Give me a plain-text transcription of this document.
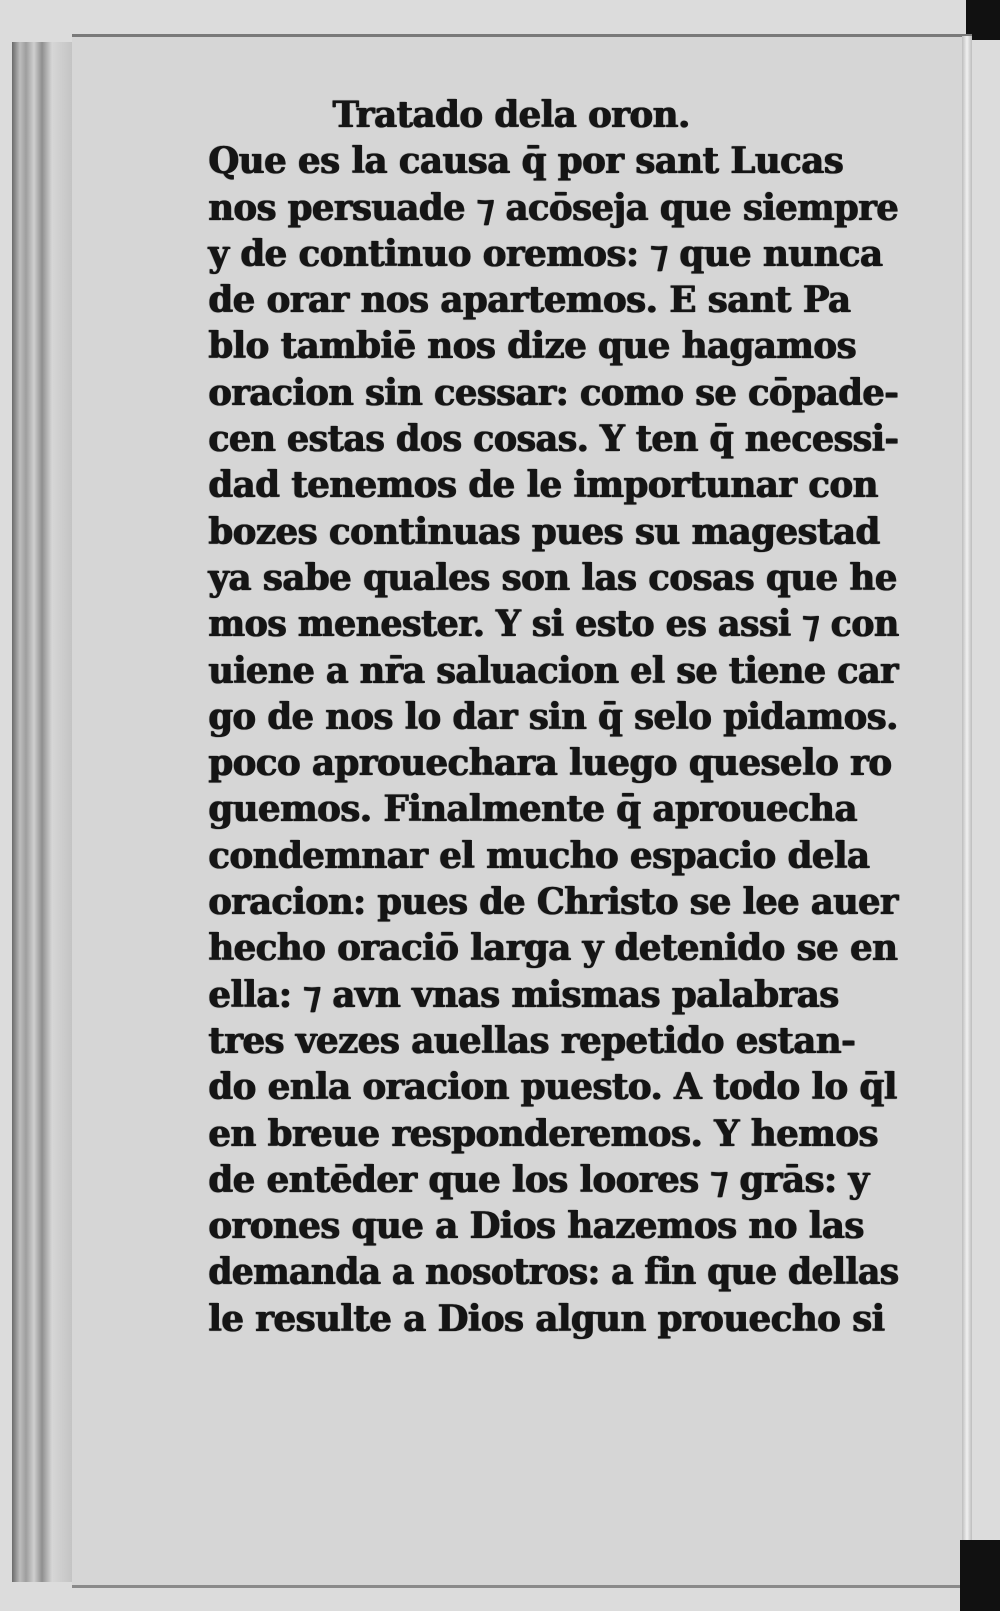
Tratado dela oron.
Que es la causa q̄ por sant Lucas
nos persuade ⁊ acōseja que siempre
y de continuo oremos: ⁊ que nunca
de orar nos apartemos. E sant Pa
blo tambiē nos dize que hagamos
oracion sin cessar: como se cōpade-
cen estas dos cosas. Y ten q̄ necessi-
dad tenemos de le importunar con
bozes continuas pues su magestad
ya sabe quales son las cosas que he
mos menester. Y si esto es assi ⁊ con
uiene a nr̄a saluacion el se tiene car
go de nos lo dar sin q̄ selo pidamos.
poco aprouechara luego queselo ro
guemos. Finalmente q̄ aprouecha
condemnar el mucho espacio dela
oracion: pues de Christo se lee auer
hecho oraciō larga y detenido se en
ella: ⁊ avn vnas mismas palabras
tres vezes auellas repetido estan-
do enla oracion puesto. A todo lo q̄l
en breue responderemos. Y hemos
de entēder que los loores ⁊ grās: y
orones que a Dios hazemos no las
demanda a nosotros: a fin que dellas
le resulte a Dios algun prouecho si
